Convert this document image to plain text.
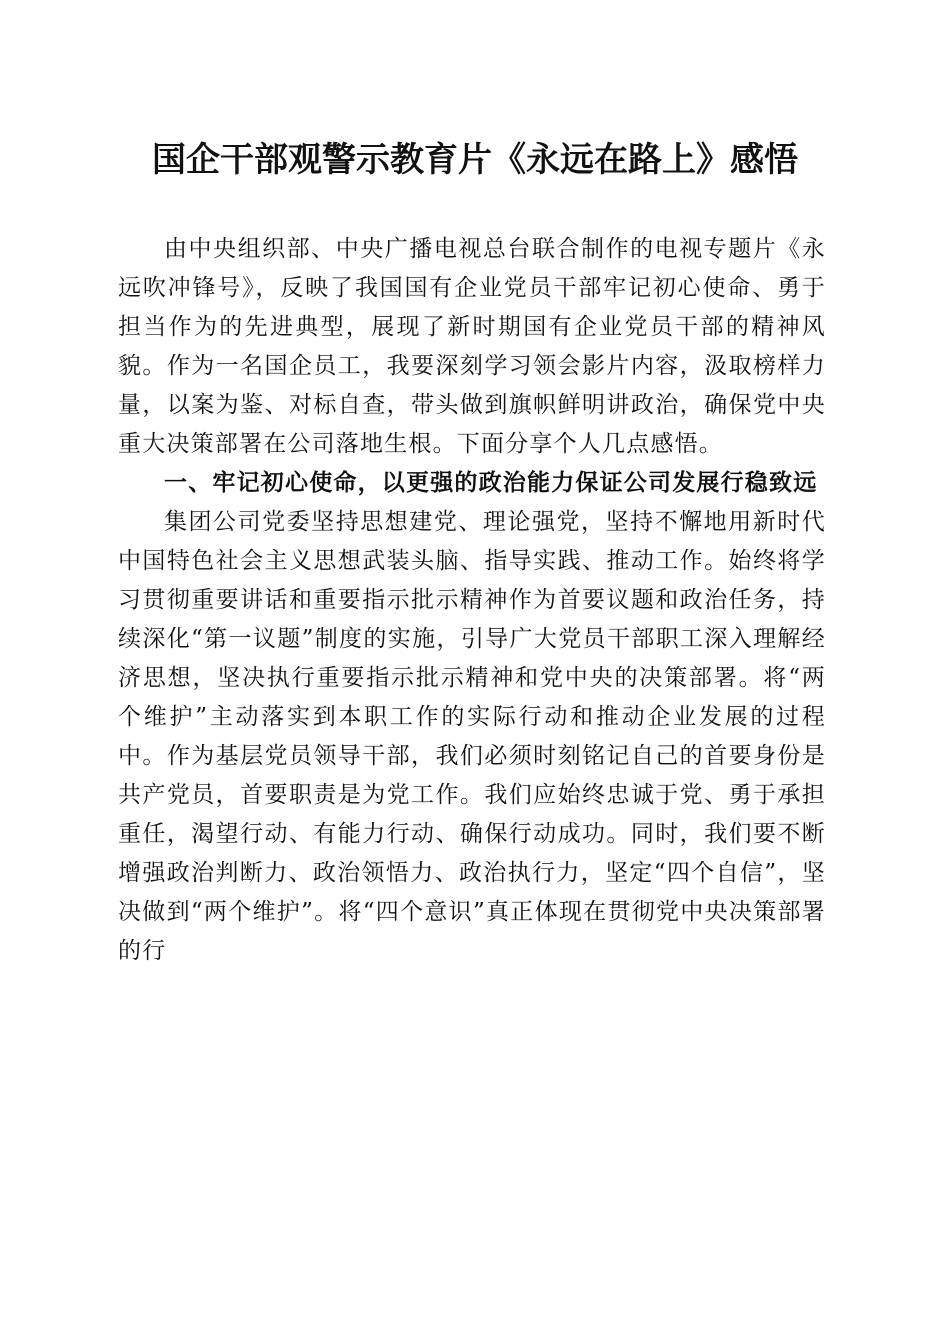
国企干部观警示教育片《永远在路上》感悟

由中央组织部、中央广播电视总台联合制作的电视专题片《永远吹冲锋号》，反映了我国国有企业党员干部牢记初心使命、勇于担当作为的先进典型，展现了新时期国有企业党员干部的精神风貌。作为一名国企员工，我要深刻学习领会影片内容，汲取榜样力量，以案为鉴、对标自查，带头做到旗帜鲜明讲政治，确保党中央重大决策部署在公司落地生根。下面分享个人几点感悟。

一、牢记初心使命，以更强的政治能力保证公司发展行稳致远

集团公司党委坚持思想建党、理论强党，坚持不懈地用新时代中国特色社会主义思想武装头脑、指导实践、推动工作。始终将学习贯彻重要讲话和重要指示批示精神作为首要议题和政治任务，持续深化“第一议题”制度的实施，引导广大党员干部职工深入理解经济思想，坚决执行重要指示批示精神和党中央的决策部署。将“两个维护”主动落实到本职工作的实际行动和推动企业发展的过程中。作为基层党员领导干部，我们必须时刻铭记自己的首要身份是共产党员，首要职责是为党工作。我们应始终忠诚于党、勇于承担重任，渴望行动、有能力行动、确保行动成功。同时，我们要不断增强政治判断力、政治领悟力、政治执行力，坚定“四个自信”，坚决做到“两个维护”。将“四个意识”真正体现在贯彻党中央决策部署的行
